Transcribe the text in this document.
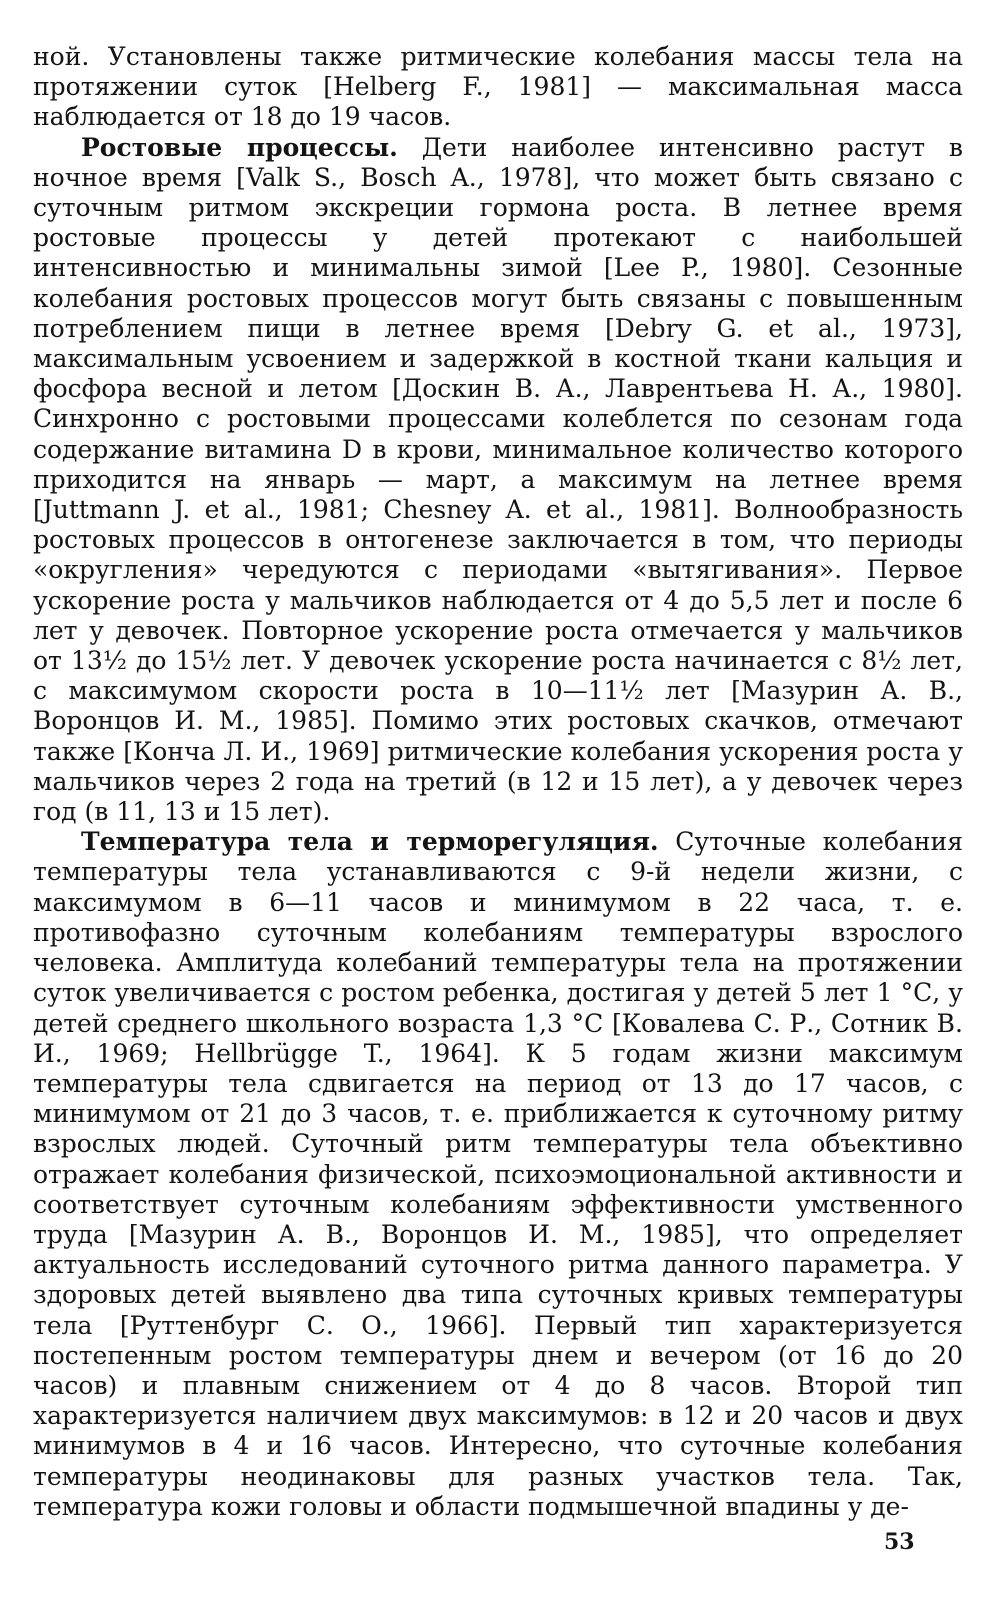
ной. Установлены также ритмические колебания массы тела на протяжении суток [Helberg F., 1981] — максимальная масса наблюдается от 18 до 19 часов.

Ростовые процессы. Дети наиболее интенсивно растут в ночное время [Valk S., Bosch A., 1978], что может быть связано с суточным ритмом экскреции гормона роста. В летнее время ростовые процессы у детей протекают с наибольшей интенсивностью и минимальны зимой [Lee P., 1980]. Сезонные колебания ростовых процессов могут быть связаны с повышенным потреблением пищи в летнее время [Debry G. et al., 1973], максимальным усвоением и задержкой в костной ткани кальция и фосфора весной и летом [Доскин В. А., Лаврентьева Н. А., 1980]. Синхронно с ростовыми процессами колеблется по сезонам года содержание витамина D в крови, минимальное количество которого приходится на январь — март, а максимум на летнее время [Juttmann J. et al., 1981; Chesney A. et al., 1981]. Волнообразность ростовых процессов в онтогенезе заключается в том, что периоды «округления» чередуются с периодами «вытягивания». Первое ускорение роста у мальчиков наблюдается от 4 до 5,5 лет и после 6 лет у девочек. Повторное ускорение роста отмечается у мальчиков от 13½ до 15½ лет. У девочек ускорение роста начинается с 8½ лет, с максимумом скорости роста в 10—11½ лет [Мазурин А. В., Воронцов И. М., 1985]. Помимо этих ростовых скачков, отмечают также [Конча Л. И., 1969] ритмические колебания ускорения роста у мальчиков через 2 года на третий (в 12 и 15 лет), а у девочек через год (в 11, 13 и 15 лет).

Температура тела и терморегуляция. Суточные колебания температуры тела устанавливаются с 9-й недели жизни, с максимумом в 6—11 часов и минимумом в 22 часа, т. е. противофазно суточным колебаниям температуры взрослого человека. Амплитуда колебаний температуры тела на протяжении суток увеличивается с ростом ребенка, достигая у детей 5 лет 1 °С, у детей среднего школьного возраста 1,3 °С [Ковалева С. Р., Сотник В. И., 1969; Hellbrügge T., 1964]. К 5 годам жизни максимум температуры тела сдвигается на период от 13 до 17 часов, с минимумом от 21 до 3 часов, т. е. приближается к суточному ритму взрослых людей. Суточный ритм температуры тела объективно отражает колебания физической, психоэмоциональной активности и соответствует суточным колебаниям эффективности умственного труда [Мазурин А. В., Воронцов И. М., 1985], что определяет актуальность исследований суточного ритма данного параметра. У здоровых детей выявлено два типа суточных кривых температуры тела [Руттенбург С. О., 1966]. Первый тип характеризуется постепенным ростом температуры днем и вечером (от 16 до 20 часов) и плавным снижением от 4 до 8 часов. Второй тип характеризуется наличием двух максимумов: в 12 и 20 часов и двух минимумов в 4 и 16 часов. Интересно, что суточные колебания температуры неодинаковы для разных участков тела. Так, температура кожи головы и области подмышечной впадины у де-

53
